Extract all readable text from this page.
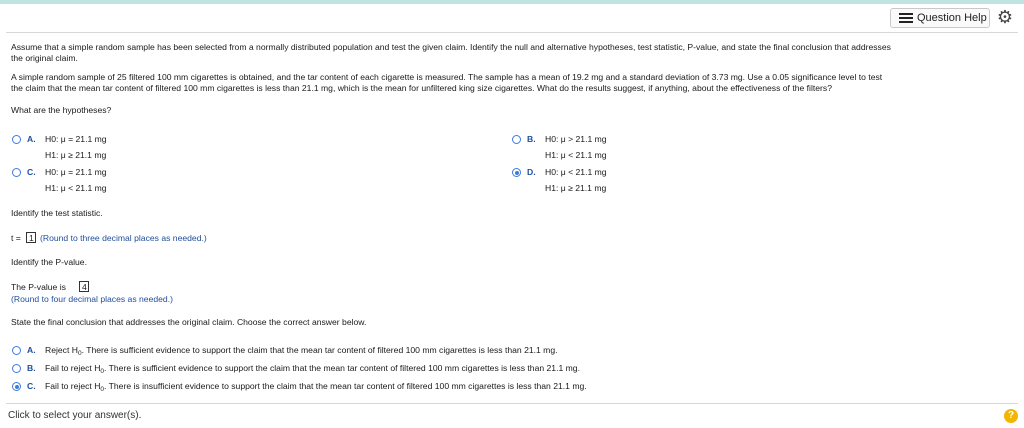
Question Help ⚙
Assume that a simple random sample has been selected from a normally distributed population and test the given claim. Identify the null and alternative hypotheses, test statistic, P-value, and state the final conclusion that addresses
the original claim.
A simple random sample of 25 filtered 100 mm cigarettes is obtained, and the tar content of each cigarette is measured. The sample has a mean of 19.2 mg and a standard deviation of 3.73 mg. Use a 0.05 significance level to test
the claim that the mean tar content of filtered 100 mm cigarettes is less than 21.1 mg, which is the mean for unfiltered king size cigarettes. What do the results suggest, if anything, about the effectiveness of the filters?
What are the hypotheses?
A. H0: μ = 21.1 mg
H1: μ ≥ 21.1 mg
B. H0: μ > 21.1 mg
H1: μ < 21.1 mg
C. H0: μ = 21.1 mg
H1: μ < 21.1 mg
D. H0: μ < 21.1 mg
H1: μ ≥ 21.1 mg
Identify the test statistic.
t = 1 (Round to three decimal places as needed.)
Identify the P-value.
The P-value is	4
(Round to four decimal places as needed.)
State the final conclusion that addresses the original claim. Choose the correct answer below.
A. Reject $H_0$. There is sufficient evidence to support the claim that the mean tar content of filtered 100 mm cigarettes is less than 21.1 mg.
B. Fail to reject $H_0$. There is sufficient evidence to support the claim that the mean tar content of filtered 100 mm cigarettes is less than 21.1 mg.
C. Fail to reject $H_0$. There is insufficient evidence to support the claim that the mean tar content of filtered 100 mm cigarettes is less than 21.1 mg.
Click to select your answer(s).	?
